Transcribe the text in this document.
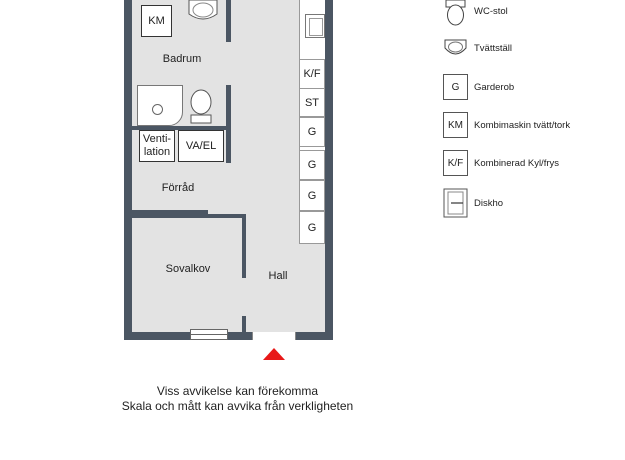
KM
Venti-
lation VA/EL
K/F
ST
G
G
G
G
Badrum
Förråd
Sovalkov
Hall
WC-stol
Tvättställ
G Garderob
KM Kombimaskin tvätt/tork
K/F Kombinerad Kyl/frys
Diskho
Viss avvikelse kan förekomma
Skala och mått kan avvika från verkligheten
